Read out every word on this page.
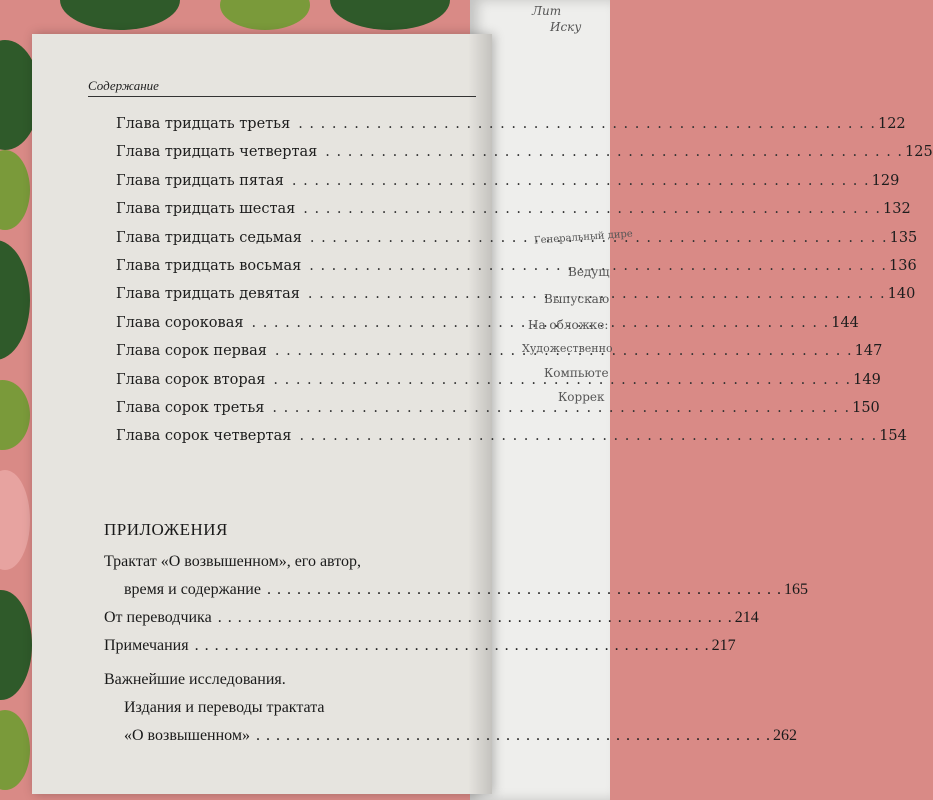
Лит
Иску
Генеральный дире
Ведущ
Выпускаю
На обложке:
Художественно
Компьюте
Коррек
Содержание
Глава тридцать третья . . .	122
Глава тридцать четвертая . . .	125
Глава тридцать пятая . . .	129
Глава тридцать шестая . . .	132
Глава тридцать седьмая . . .	135
Глава тридцать восьмая . . .	136
Глава тридцать девятая . . .	140
Глава сороковая . . .	144
Глава сорок первая . . .	147
Глава сорок вторая . . .	149
Глава сорок третья . . .	150
Глава сорок четвертая . . .	154
ПРИЛОЖЕНИЯ
Трактат «О возвышенном», его автор,
время и содержание . . .	165
От переводчика . . .	214
Примечания . . .	217
Важнейшие исследования.
Издания и переводы трактата
«О возвышенном» . . .	262
